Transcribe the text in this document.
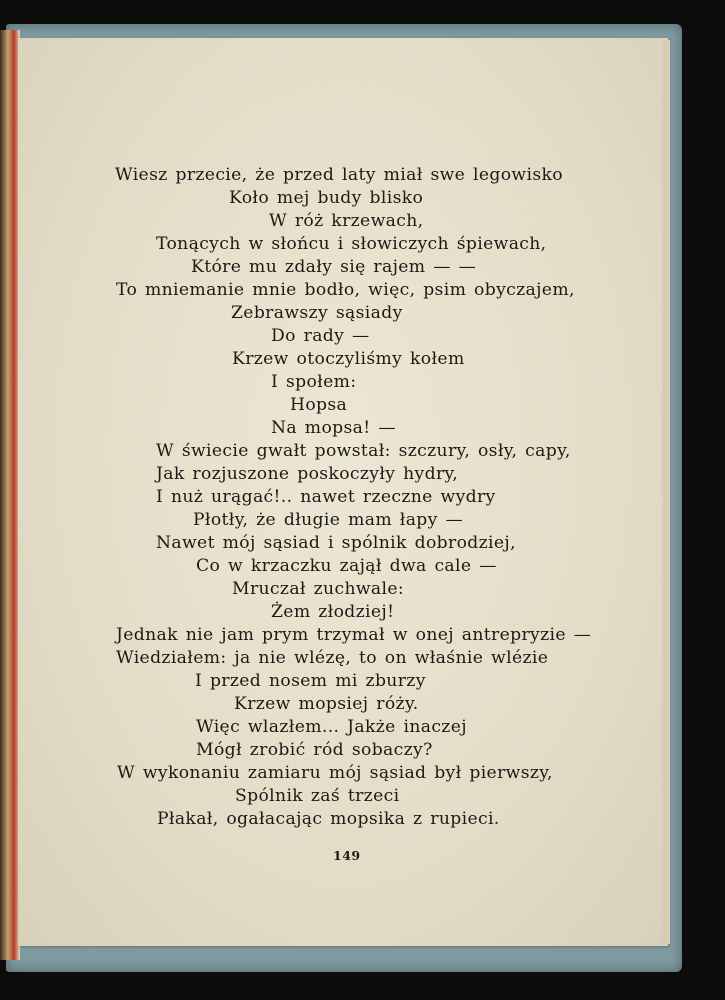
Wiesz przecie, że przed laty miał swe legowisko
Koło mej budy blisko
W róż krzewach,
Tonących w słońcu i słowiczych śpiewach,
Które mu zdały się rajem — —
To mniemanie mnie bodło, więc, psim obyczajem,
Zebrawszy sąsiady
Do rady —
Krzew otoczyliśmy kołem
I społem:
Hopsa
Na mopsa! —
W świecie gwałt powstał: szczury, osły, capy,
Jak rozjuszone poskoczyły hydry,
I nuż urągać!.. nawet rzeczne wydry
Płotły, że długie mam łapy —
Nawet mój sąsiad i spólnik dobrodziej,
Co w krzaczku zajął dwa cale —
Mruczał zuchwale:
Żem złodziej!
Jednak nie jam prym trzymał w onej antrepryzie —
Wiedziałem: ja nie wlézę, to on właśnie wlézie
I przed nosem mi zburzy
Krzew mopsiej róży.
Więc wlazłem... Jakże inaczej
Mógł zrobić ród sobaczy?
W wykonaniu zamiaru mój sąsiad był pierwszy,
Spólnik zaś trzeci
Płakał, ogałacając mopsika z rupieci.
149
